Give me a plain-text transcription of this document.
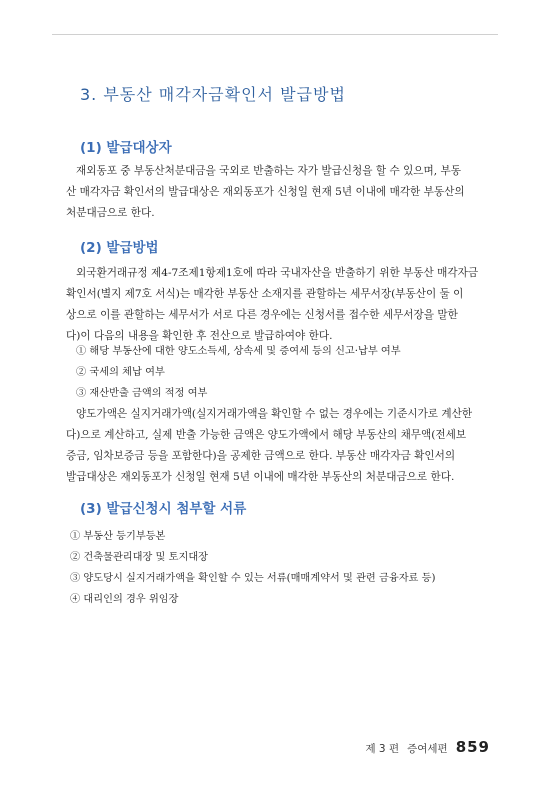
3. 부동산 매각자금확인서 발급방법
(1) 발급대상자

재외동포 중 부동산처분대금을 국외로 반출하는 자가 발급신청을 할 수 있으며, 부동
산 매각자금 확인서의 발급대상은 재외동포가 신청일 현재 5년 이내에 매각한 부동산의
처분대금으로 한다.

(2) 발급방법

외국환거래규정 제4-7조제1항제1호에 따라 국내자산을 반출하기 위한 부동산 매각자금
확인서(별지 제7호 서식)는 매각한 부동산 소재지를 관할하는 세무서장(부동산이 둘 이
상으로 이를 관할하는 세무서가 서로 다른 경우에는 신청서를 접수한 세무서장을 말한
다)이 다음의 내용을 확인한 후 전산으로 발급하여야 한다.

① 해당 부동산에 대한 양도소득세, 상속세 및 증여세 등의 신고·납부 여부
② 국세의 체납 여부
③ 재산반출 금액의 적정 여부

양도가액은 실지거래가액(실지거래가액을 확인할 수 없는 경우에는 기준시가로 계산한
다)으로 계산하고, 실제 반출 가능한 금액은 양도가액에서 해당 부동산의 채무액(전세보
증금, 임차보증금 등을 포함한다)을 공제한 금액으로 한다. 부동산 매각자금 확인서의
발급대상은 재외동포가 신청일 현재 5년 이내에 매각한 부동산의 처분대금으로 한다.

(3) 발급신청시 첨부할 서류
① 부동산 등기부등본
② 건축물관리대장 및 토지대장
③ 양도당시 실지거래가액을 확인할 수 있는 서류(매매계약서 및 관련 금융자료 등)
④ 대리인의 경우 위임장
제 3 편 증여세편 859
